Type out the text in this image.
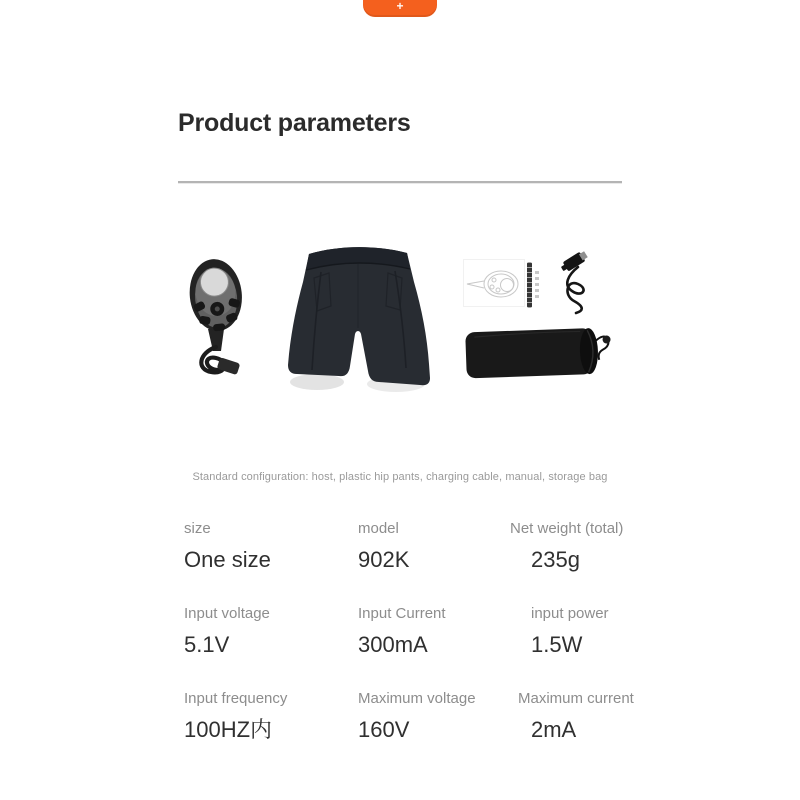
+
Product parameters
Standard configuration: host, plastic hip pants, charging cable, manual, storage bag
size
One size
model
902K
Net weight (total)
235g
Input voltage
5.1V
Input Current
300mA
input power
1.5W
Input frequency
100HZ内
Maximum voltage
160V
Maximum current
2mA
